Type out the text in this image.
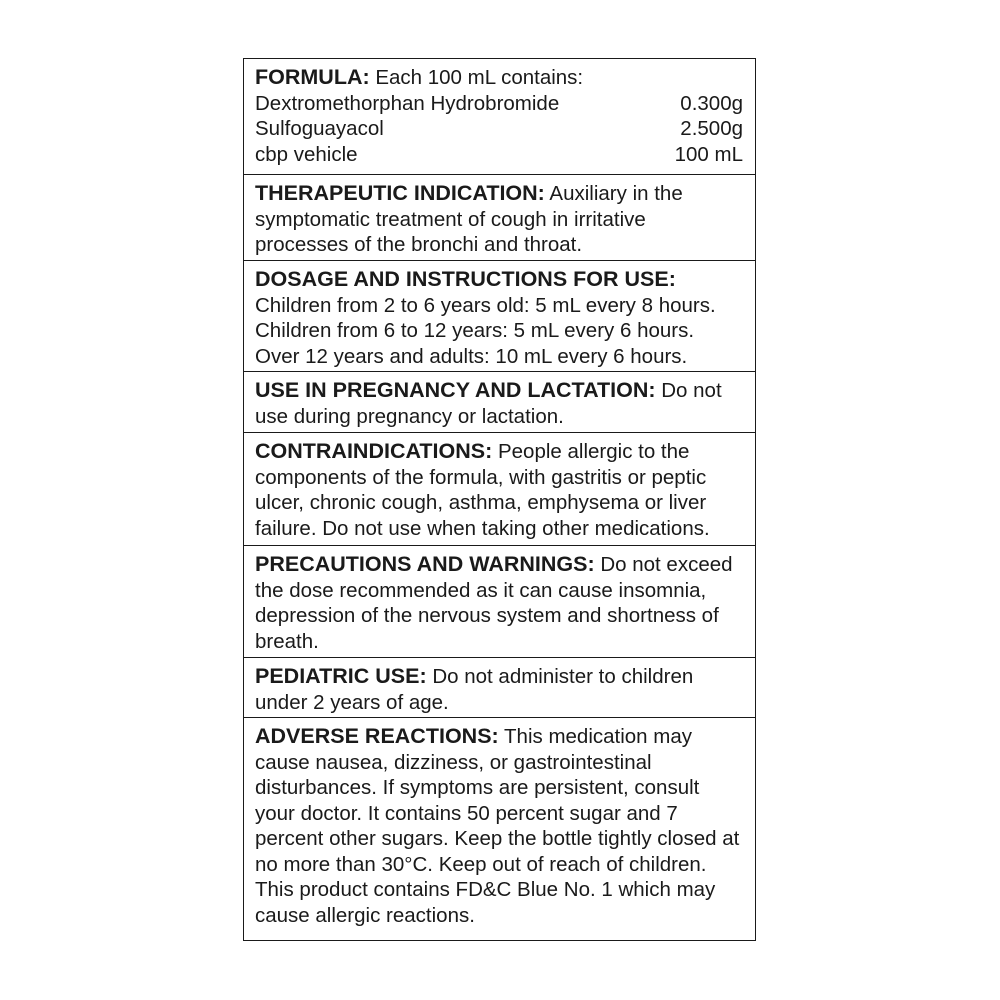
FORMULA: Each 100 mL contains:
Dextromethorphan Hydrobromide	0.300g
Sulfoguayacol	2.500g
cbp vehicle	100 mL
THERAPEUTIC INDICATION: Auxiliary in the symptomatic treatment of cough in irritative processes of the bronchi and throat.
DOSAGE AND INSTRUCTIONS FOR USE:
Children from 2 to 6 years old: 5 mL every 8 hours. Children from 6 to 12 years: 5 mL every 6 hours. Over 12 years and adults: 10 mL every 6 hours.
USE IN PREGNANCY AND LACTATION: Do not use during pregnancy or lactation.
CONTRAINDICATIONS: People allergic to the components of the formula, with gastritis or peptic ulcer, chronic cough, asthma, emphysema or liver failure. Do not use when taking other medications.
PRECAUTIONS AND WARNINGS: Do not exceed the dose recommended as it can cause insomnia, depression of the nervous system and shortness of breath.
PEDIATRIC USE: Do not administer to children under 2 years of age.
ADVERSE REACTIONS: This medication may cause nausea, dizziness, or gastrointestinal disturbances. If symptoms are persistent, consult your doctor. It contains 50 percent sugar and 7 percent other sugars. Keep the bottle tightly closed at no more than 30°C. Keep out of reach of children.
This product contains FD&C Blue No. 1 which may cause allergic reactions.
